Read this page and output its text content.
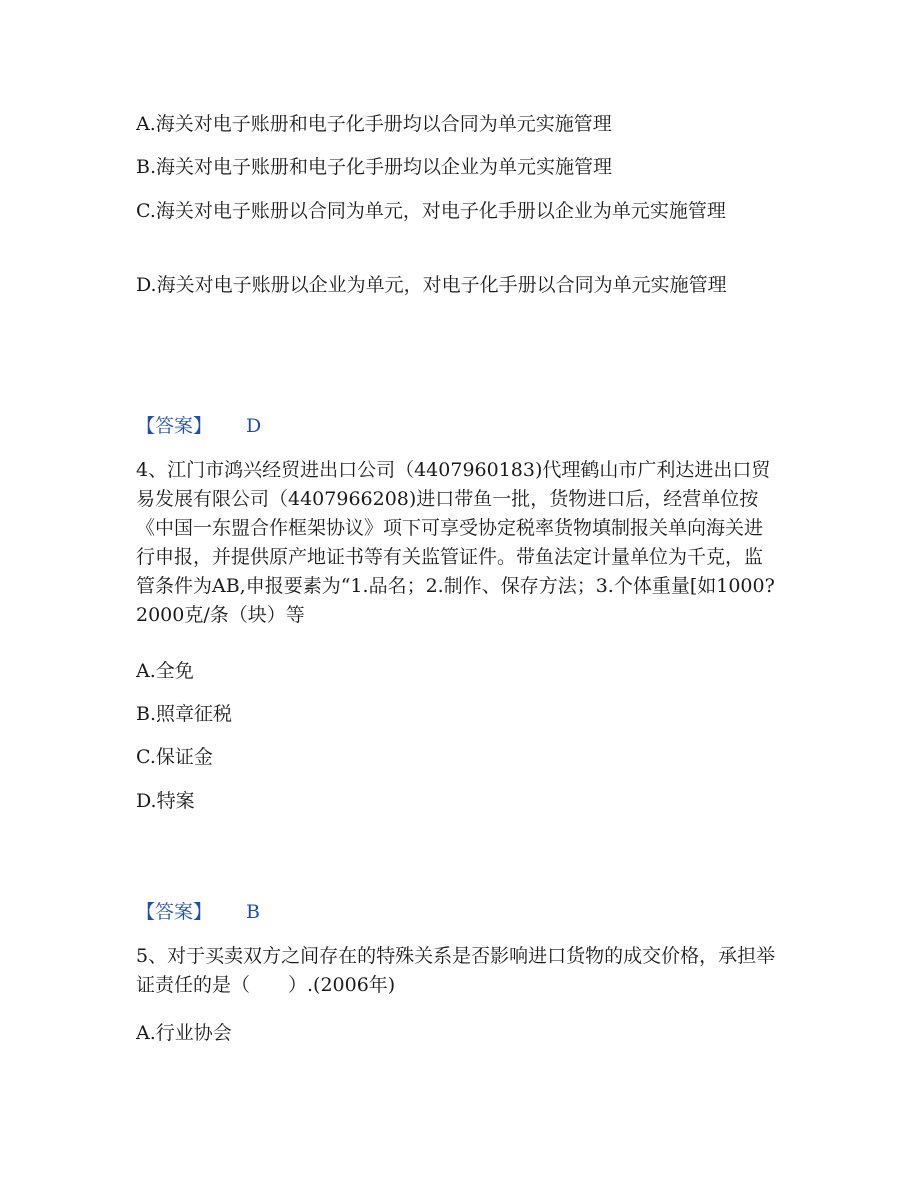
A.海关对电子账册和电子化手册均以合同为单元实施管理
B.海关对电子账册和电子化手册均以企业为单元实施管理
C.海关对电子账册以合同为单元，对电子化手册以企业为单元实施管理
D.海关对电子账册以企业为单元，对电子化手册以合同为单元实施管理
【答案】 D
4、江门市鸿兴经贸进出口公司（4407960183)代理鹤山市广利达进出口贸易发展有限公司（4407966208)进口带鱼一批，货物进口后，经营单位按《中国一东盟合作框架协议》项下可享受协定税率货物填制报关单向海关进行申报，并提供原产地证书等有关监管证件。带鱼法定计量单位为千克，监管条件为AB,申报要素为“1.品名；2.制作、保存方法；3.个体重量[如1000?2000克/条（块）等
A.全免
B.照章征税
C.保证金
D.特案
【答案】 B
5、对于买卖双方之间存在的特殊关系是否影响进口货物的成交价格，承担举证责任的是（　　）.(2006年)
A.行业协会
